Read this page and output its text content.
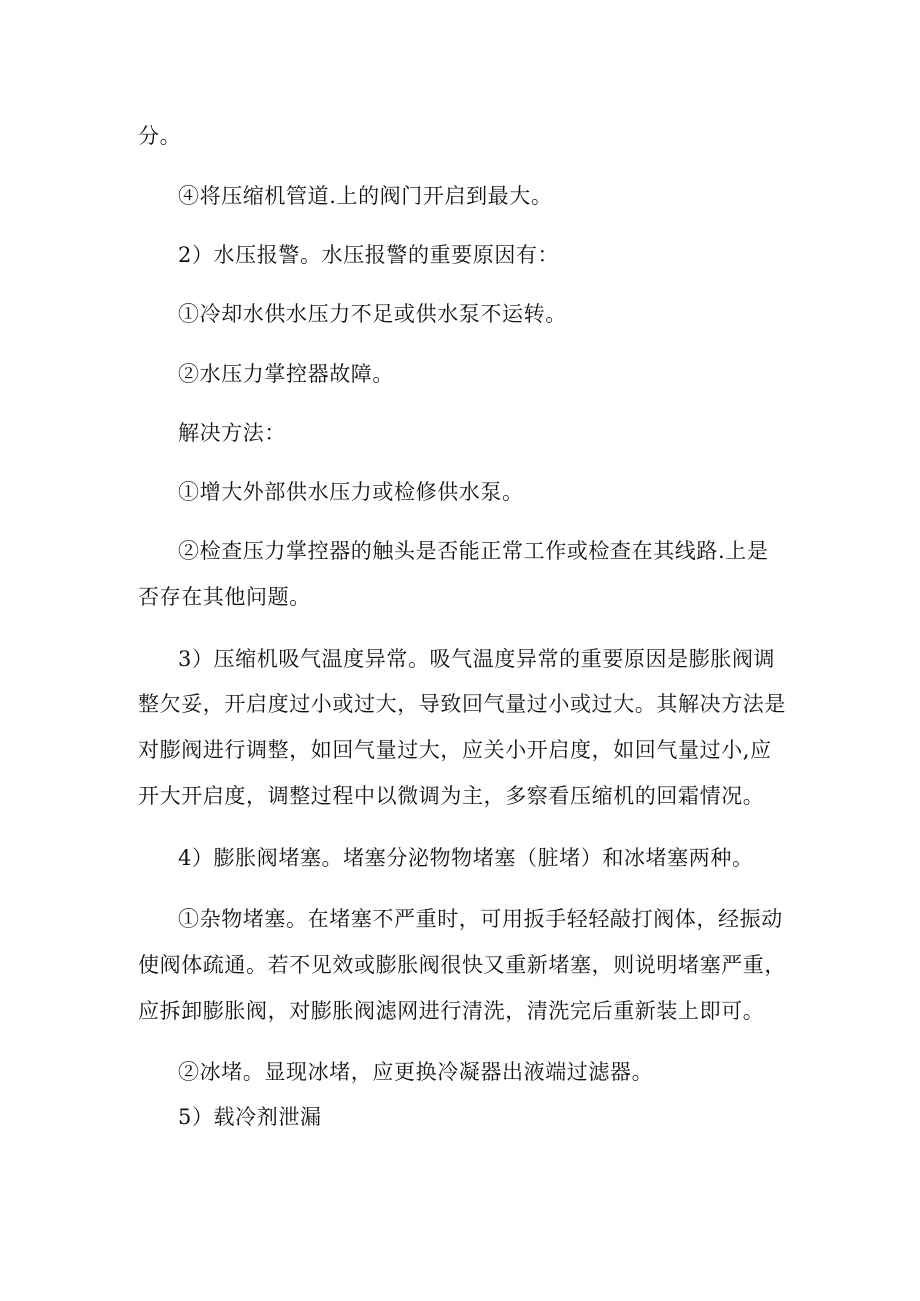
分。
④将压缩机管道.上的阀门开启到最大。
2）水压报警。水压报警的重要原因有：
①冷却水供水压力不足或供水泵不运转。
②水压力掌控器故障。
解决方法：
①增大外部供水压力或检修供水泵。
②检查压力掌控器的触头是否能正常工作或检查在其线路.上是
否存在其他问题。
3）压缩机吸气温度异常。吸气温度异常的重要原因是膨胀阀调
整欠妥，开启度过小或过大，导致回气量过小或过大。其解决方法是
对膨阀进行调整，如回气量过大，应关小开启度，如回气量过小,应
开大开启度，调整过程中以微调为主，多察看压缩机的回霜情况。
4）膨胀阀堵塞。堵塞分泌物物堵塞（脏堵）和冰堵塞两种。
①杂物堵塞。在堵塞不严重时，可用扳手轻轻敲打阀体，经振动
使阀体疏通。若不见效或膨胀阀很快又重新堵塞，则说明堵塞严重，
应拆卸膨胀阀，对膨胀阀滤网进行清洗，清洗完后重新装上即可。
②冰堵。显现冰堵，应更换冷凝器出液端过滤器。
5）载冷剂泄漏
